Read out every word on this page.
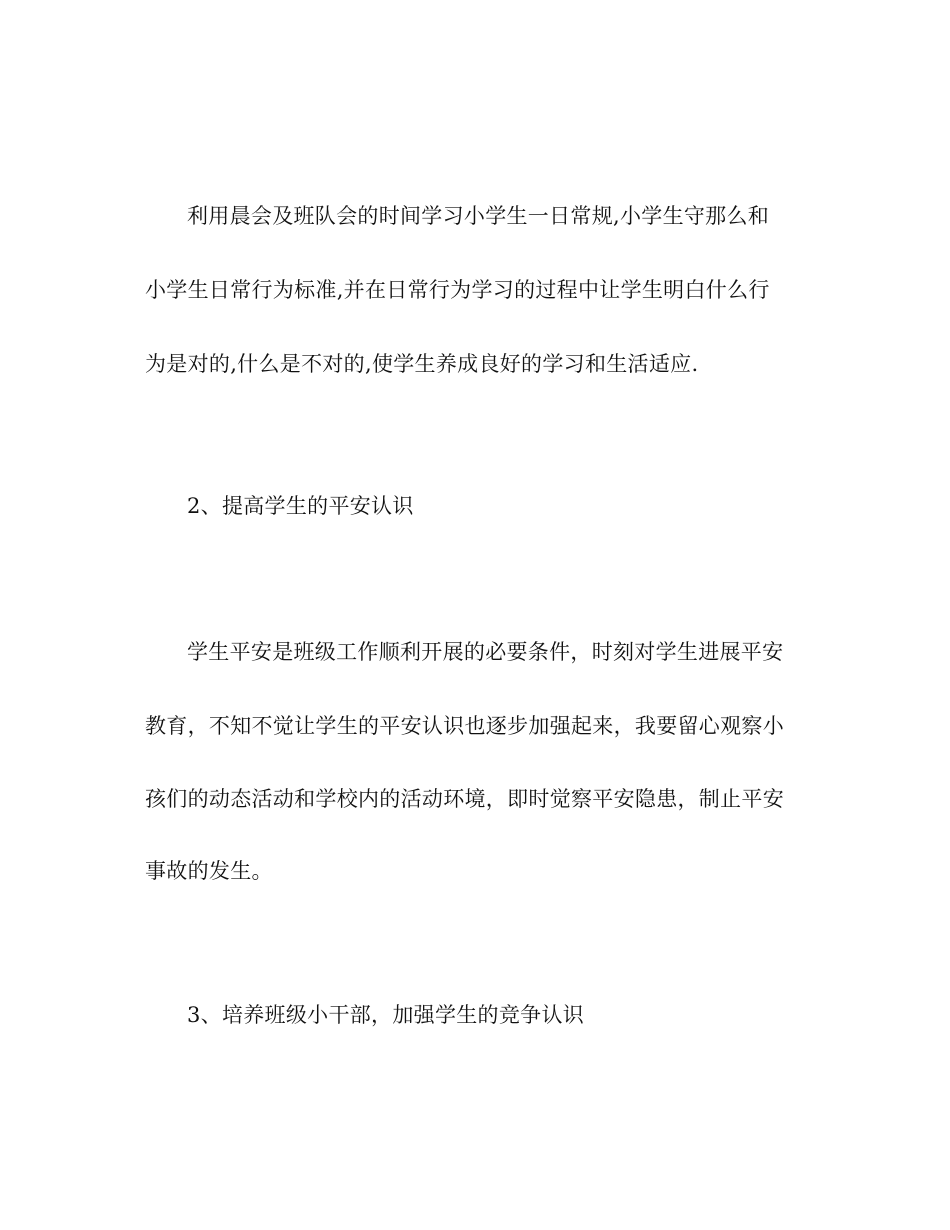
利用晨会及班队会的时间学习小学生一日常规,小学生守那么和
小学生日常行为标准,并在日常行为学习的过程中让学生明白什么行
为是对的,什么是不对的,使学生养成良好的学习和生活适应.
2、提高学生的平安认识
学生平安是班级工作顺利开展的必要条件，时刻对学生进展平安
教育，不知不觉让学生的平安认识也逐步加强起来，我要留心观察小
孩们的动态活动和学校内的活动环境，即时觉察平安隐患，制止平安
事故的发生。
3、培养班级小干部，加强学生的竞争认识
